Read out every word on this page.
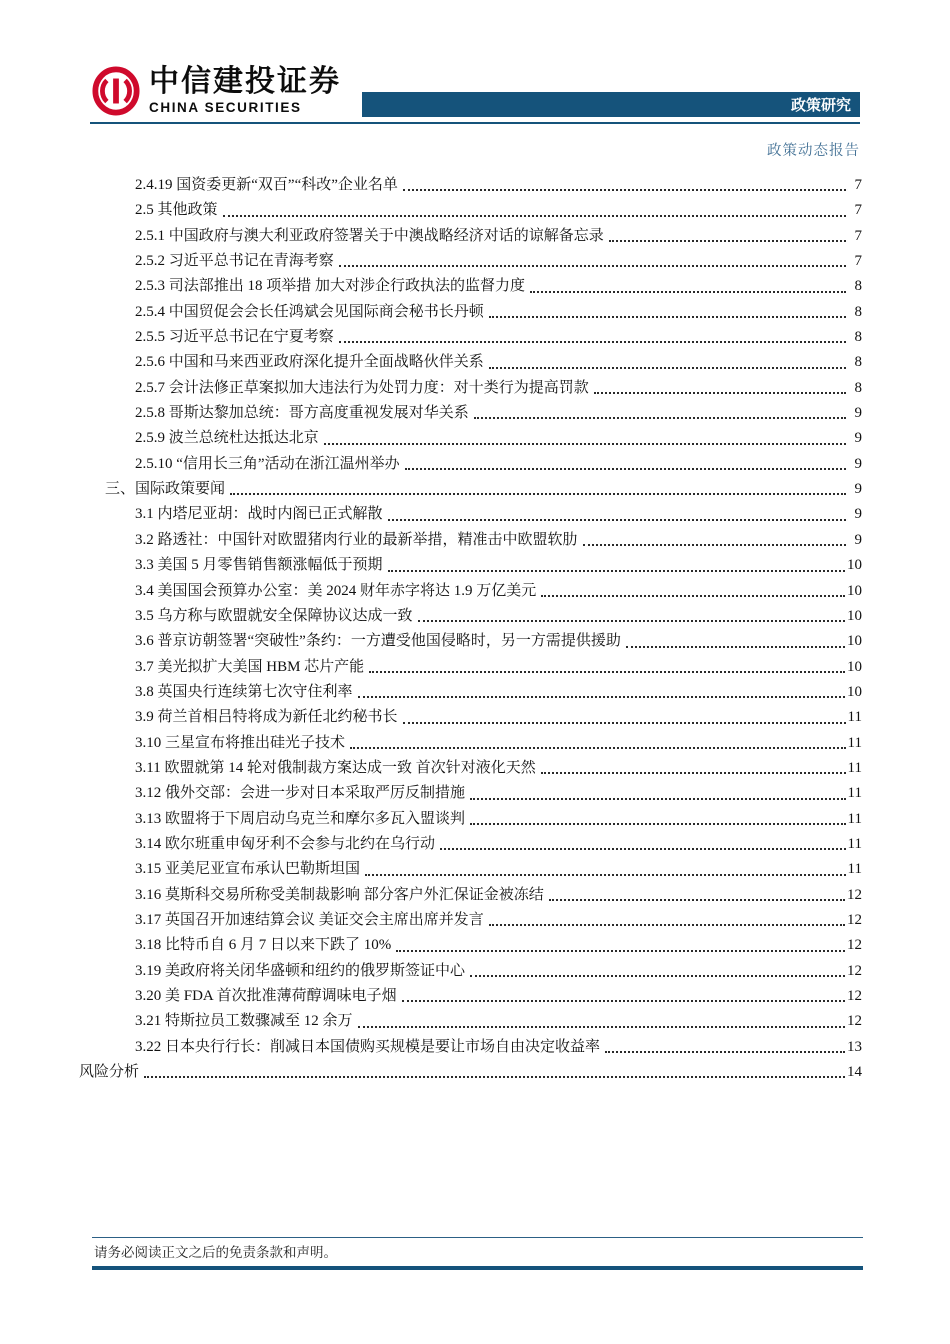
中信建投证券
CHINA SECURITIES	政策研究
政策动态报告
2.4.19 国资委更新“双百”“科改”企业名单	7
2.5 其他政策	7
2.5.1 中国政府与澳大利亚政府签署关于中澳战略经济对话的谅解备忘录	7
2.5.2 习近平总书记在青海考察	7
2.5.3 司法部推出 18 项举措 加大对涉企行政执法的监督力度	8
2.5.4 中国贸促会会长任鸿斌会见国际商会秘书长丹顿	8
2.5.5 习近平总书记在宁夏考察	8
2.5.6 中国和马来西亚政府深化提升全面战略伙伴关系	8
2.5.7 会计法修正草案拟加大违法行为处罚力度：对十类行为提高罚款	8
2.5.8 哥斯达黎加总统：哥方高度重视发展对华关系	9
2.5.9 波兰总统杜达抵达北京	9
2.5.10 “信用长三角”活动在浙江温州举办	9
三、国际政策要闻	9
3.1 内塔尼亚胡：战时内阁已正式解散	9
3.2 路透社：中国针对欧盟猪肉行业的最新举措，精准击中欧盟软肋	9
3.3 美国 5 月零售销售额涨幅低于预期	10
3.4 美国国会预算办公室：美 2024 财年赤字将达 1.9 万亿美元	10
3.5 乌方称与欧盟就安全保障协议达成一致	10
3.6 普京访朝签署“突破性”条约：一方遭受他国侵略时，另一方需提供援助	10
3.7 美光拟扩大美国 HBM 芯片产能	10
3.8 英国央行连续第七次守住利率	10
3.9 荷兰首相吕特将成为新任北约秘书长	11
3.10 三星宣布将推出硅光子技术	11
3.11 欧盟就第 14 轮对俄制裁方案达成一致 首次针对液化天然	11
3.12 俄外交部：会进一步对日本采取严厉反制措施	11
3.13 欧盟将于下周启动乌克兰和摩尔多瓦入盟谈判	11
3.14 欧尔班重申匈牙利不会参与北约在乌行动	11
3.15 亚美尼亚宣布承认巴勒斯坦国	11
3.16 莫斯科交易所称受美制裁影响 部分客户外汇保证金被冻结	12
3.17 英国召开加速结算会议 美证交会主席出席并发言	12
3.18 比特币自 6 月 7 日以来下跌了 10%	12
3.19 美政府将关闭华盛顿和纽约的俄罗斯签证中心	12
3.20 美 FDA 首次批准薄荷醇调味电子烟	12
3.21 特斯拉员工数骤减至 12 余万	12
3.22 日本央行行长：削减日本国债购买规模是要让市场自由决定收益率	13
风险分析	14
请务必阅读正文之后的免责条款和声明。
